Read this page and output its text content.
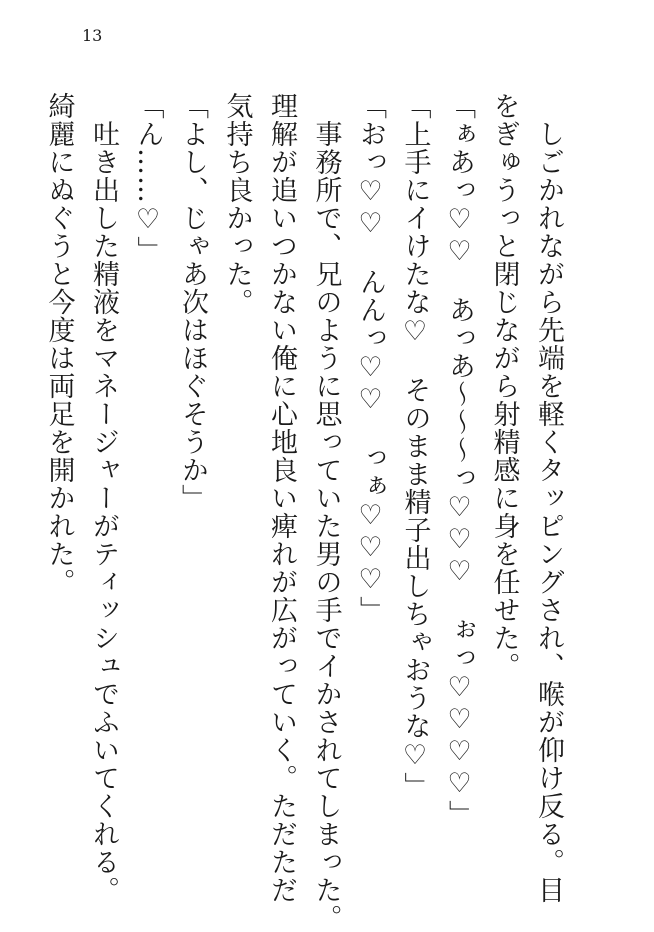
13
　しごかれながら先端を軽くタッピングされ、喉が仰け反る。目
をぎゅうっと閉じながら射精感に身を任せた。
「ぁあっ♡♡　あっあ～～～っ♡♡♡　ぉっ♡♡♡♡」
「上手にイけたな♡　そのまま精子出しちゃおうな♡」
「おっ♡♡　んんっ♡♡　っぁ♡♡♡」
　事務所で、兄のように思っていた男の手でイかされてしまった。
理解が追いつかない俺に心地良い痺れが広がっていく。ただただ
気持ち良かった。
「よし、じゃあ次はほぐそうか」
「ん……♡」
　吐き出した精液をマネージャーがティッシュでふいてくれる。
綺麗にぬぐうと今度は両足を開かれた。
